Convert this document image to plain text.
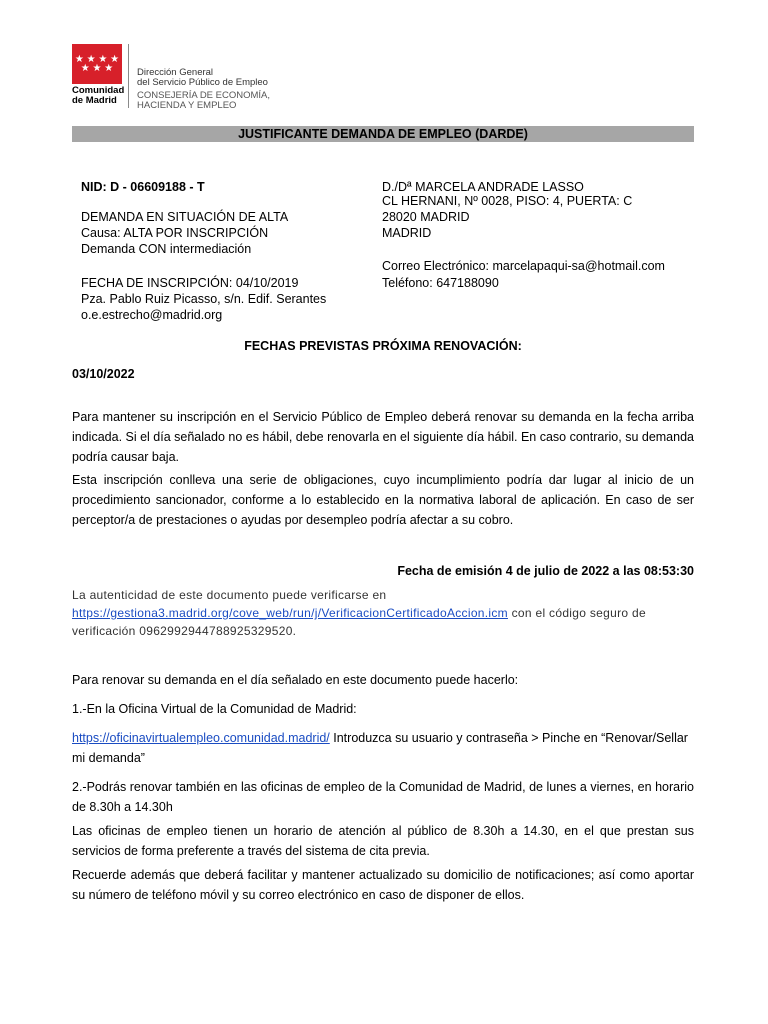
★ ★ ★ ★
★ ★ ★
Comunidad
de Madrid
Dirección General
del Servicio Público de Empleo
CONSEJERÍA DE ECONOMÍA,
HACIENDA Y EMPLEO
JUSTIFICANTE DEMANDA DE EMPLEO (DARDE)
NID: D - 06609188 - T
DEMANDA EN SITUACIÓN DE ALTA
Causa: ALTA POR INSCRIPCIÓN
Demanda CON intermediación
FECHA DE INSCRIPCIÓN: 04/10/2019
Pza. Pablo Ruiz Picasso, s/n. Edif. Serantes
o.e.estrecho@madrid.org
D./Dª MARCELA ANDRADE LASSO
CL HERNANI, Nº 0028, PISO: 4, PUERTA: C
28020 MADRID
MADRID
Correo Electrónico: marcelapaqui-sa@hotmail.com
Teléfono: 647188090
FECHAS PREVISTAS PRÓXIMA RENOVACIÓN:
03/10/2022
Para mantener su inscripción en el Servicio Público de Empleo deberá renovar su demanda en la fecha arriba indicada. Si el día señalado no es hábil, debe renovarla en el siguiente día hábil. En caso contrario, su demanda podría causar baja.
Esta inscripción conlleva una serie de obligaciones, cuyo incumplimiento podría dar lugar al inicio de un procedimiento sancionador, conforme a lo establecido en la normativa laboral de aplicación. En caso de ser perceptor/a de prestaciones o ayudas por desempleo podría afectar a su cobro.
Fecha de emisión 4 de julio de 2022 a las 08:53:30
La autenticidad de este documento puede verificarse en
https://gestiona3.madrid.org/cove_web/run/j/VerificacionCertificadoAccion.icm con el código seguro de verificación 0962992944788925329520.
Para renovar su demanda en el día señalado en este documento puede hacerlo:
1.-En la Oficina Virtual de la Comunidad de Madrid:
https://oficinavirtualempleo.comunidad.madrid/ Introduzca su usuario y contraseña > Pinche en “Renovar/Sellar mi demanda”
2.-Podrás renovar también en las oficinas de empleo de la Comunidad de Madrid, de lunes a viernes, en horario de 8.30h a 14.30h
Las oficinas de empleo tienen un horario de atención al público de 8.30h a 14.30, en el que prestan sus servicios de forma preferente a través del sistema de cita previa.
Recuerde además que deberá facilitar y mantener actualizado su domicilio de notificaciones; así como aportar su número de teléfono móvil y su correo electrónico en caso de disponer de ellos.
